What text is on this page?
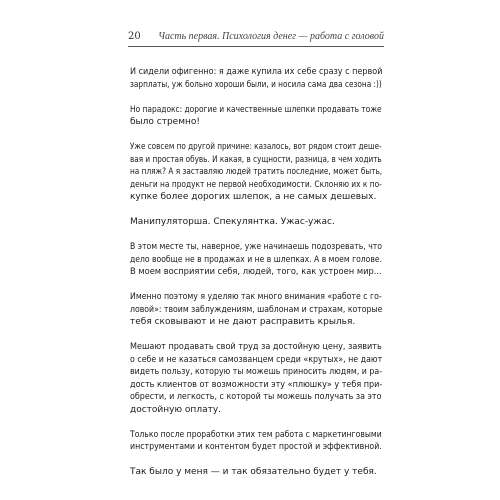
20 Часть первая. Психология денег — работа с головой

И сидели офигенно: я даже купила их себе сразу с первой
зарплаты, уж больно хороши были, и носила сама два сезона :))

Но парадокс: дорогие и качественные шлепки продавать тоже
было стремно!

Уже совсем по другой причине: казалось, вот рядом стоит деше-
вая и простая обувь. И какая, в сущности, разница, в чем ходить
на пляж? А я заставляю людей тратить последние, может быть,
деньги на продукт не первой необходимости. Склоняю их к по-
купке более дорогих шлепок, а не самых дешевых.

Манипуляторша. Спекулянтка. Ужас-ужас.

В этом месте ты, наверное, уже начинаешь подозревать, что
дело вообще не в продажах и не в шлепках. А в моем голове.
В моем восприятии себя, людей, того, как устроен мир...

Именно поэтому я уделяю так много внимания «работе с го-
ловой»: твоим заблуждениям, шаблонам и страхам, которые
тебя сковывают и не дают расправить крылья.

Мешают продавать свой труд за достойную цену, заявить
о себе и не казаться самозванцем среди «крутых», не дают
видеть пользу, которую ты можешь приносить людям, и ра-
дость клиентов от возможности эту «плюшку» у тебя при-
обрести, и легкость, с которой ты можешь получать за это
достойную оплату.

Только после проработки этих тем работа с маркетинговыми
инструментами и контентом будет простой и эффективной.

Так было у меня — и так обязательно будет у тебя.
